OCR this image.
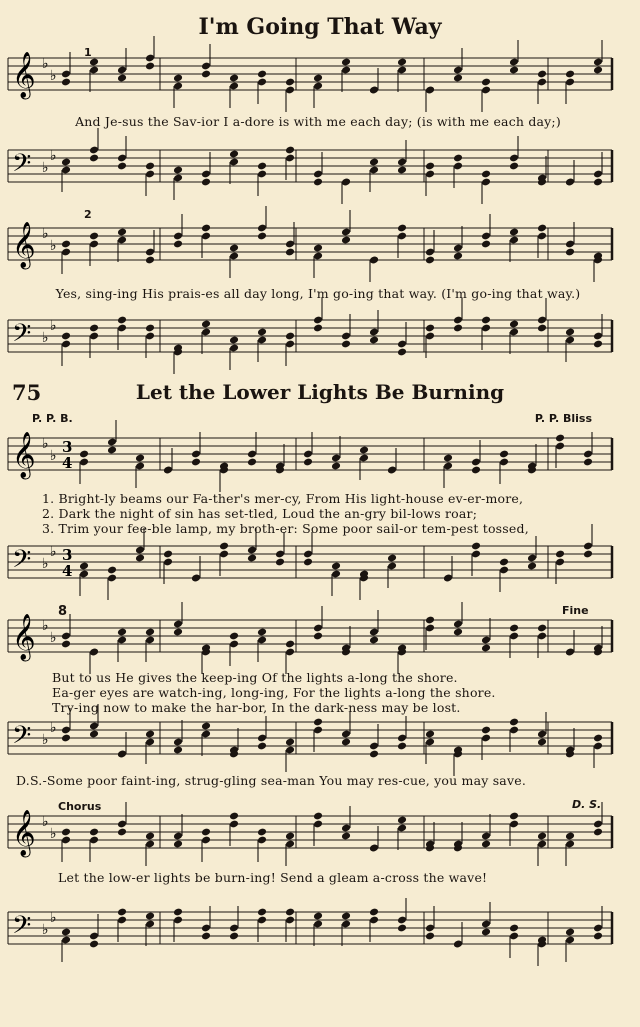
I'm Going That Way
𝄞 ♭
♭
1
And Je-sus the Sav-ior I a-dore is with me each day; (is with me each day;)
𝄢 ♭
♭
𝄞 ♭
♭
2
Yes, sing-ing His prais-es all day long, I'm go-ing that way. (I'm go-ing that way.)
𝄢 ♭
♭
75	Let the Lower Lights Be Burning
P. P. B.	P. P. Bliss
𝄞 ♭
♭ 3
4
1. Bright-ly beams our Fa-ther's mer-cy, From His light-house ev-er-more,
2. Dark the night of sin has set-tled, Loud the an-gry bil-lows roar;
3. Trim your fee-ble lamp, my broth-er: Some poor sail-or tem-pest tossed,
𝄢 ♭
♭ 3
4
8	Fine
𝄞 ♭
♭
But to us He gives the keep-ing Of the lights a-long the shore.
Ea-ger eyes are watch-ing, long-ing, For the lights a-long the shore.
Try-ing now to make the har-bor, In the dark-ness may be lost.
𝄢 ♭
♭
D.S.-Some poor faint-ing, strug-gling sea-man You may res-cue, you may save.
Chorus	D. S.
𝄞 ♭
♭
Let the low-er lights be burn-ing! Send a gleam a-cross the wave!
𝄢 ♭
♭
